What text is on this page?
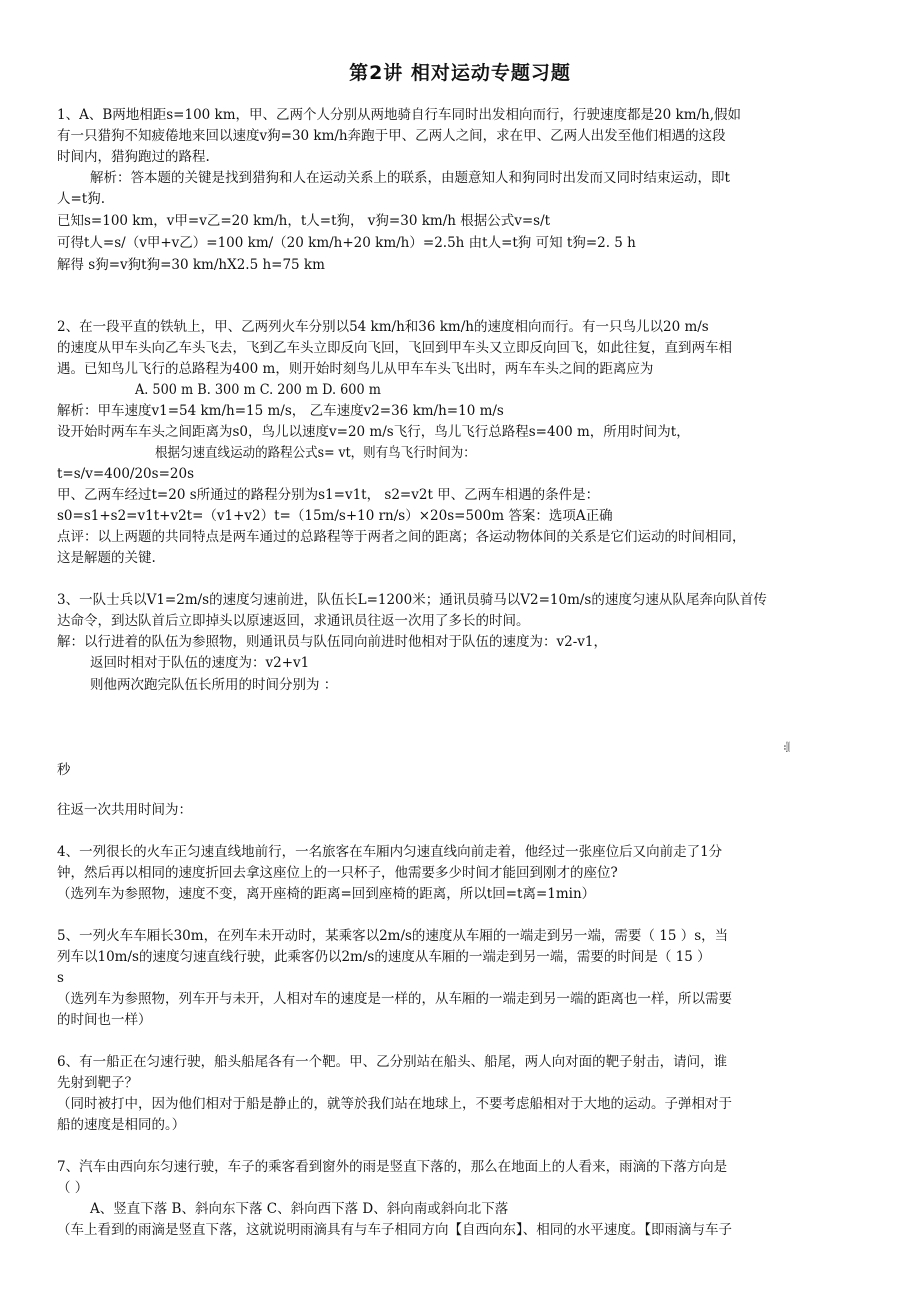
第2讲 相对运动专题习题
1、A、B两地相距s=100 km，甲、乙两个人分别从两地骑自行车同时出发相向而行，行驶速度都是20 km/h,假如
有一只猎狗不知疲倦地来回以速度v狗=30 km/h奔跑于甲、乙两人之间，求在甲、乙两人出发至他们相遇的这段
时间内，猎狗跑过的路程.
解析：答本题的关键是找到猎狗和人在运动关系上的联系，由题意知人和狗同时出发而又同时结束运动，即t
人=t狗.
已知s=100 km，v甲=v乙=20 km/h，t人=t狗， v狗=30 km/h 根据公式v=s/t
可得t人=s/（v甲+v乙）=100 km/（20 km/h+20 km/h）=2.5h 由t人=t狗 可知 t狗=2. 5 h
解得 s狗=v狗t狗=30 km/hX2.5 h=75 km
2、在一段平直的铁轨上，甲、乙两列火车分别以54 km/h和36 km/h的速度相向而行。有一只鸟儿以20 m/s
的速度从甲车头向乙车头飞去，飞到乙车头立即反向飞回，飞回到甲车头又立即反向回飞，如此往复，直到两车相
遇。已知鸟儿飞行的总路程为400 m，则开始时刻鸟儿从甲车车头飞出时，两车车头之间的距离应为
A. 500 m B. 300 m C. 200 m D. 600 m
解析：甲车速度v1=54 km/h=15 m/s， 乙车速度v2=36 km/h=10 m/s
设开始时两车车头之间距离为s0，鸟儿以速度v=20 m/s飞行，鸟儿飞行总路程s=400 m，所用时间为t，
根据匀速直线运动的路程公式s= vt，则有鸟飞行时间为：
t=s/v=400/20s=20s
甲、乙两车经过t=20 s所通过的路程分别为s1=v1t， s2=v2t 甲、乙两车相遇的条件是：
s0=s1+s2=v1t+v2t=（v1+v2）t=（15m/s+10 rn/s）×20s=500m 答案：选项A正确
点评：以上两题的共同特点是两车通过的总路程等于两者之间的距离；各运动物体间的关系是它们运动的时间相同，
这是解题的关键.
3、一队士兵以V1=2m/s的速度匀速前进，队伍长L=1200米；通讯员骑马以V2=10m/s的速度匀速从队尾奔向队首传
达命令，到达队首后立即掉头以原速返回，求通讯员往返一次用了多长的时间。
解：以行进着的队伍为参照物，则通讯员与队伍同向前进时他相对于队伍的速度为：v2-v1，
返回时相对于队伍的速度为：v2+v1
则他两次跑完队伍长所用的时间分别为 ：
=100
秒
往返一次共用时间为：
4、一列很长的火车正匀速直线地前行，一名旅客在车厢内匀速直线向前走着，他经过一张座位后又向前走了1分
钟，然后再以相同的速度折回去拿这座位上的一只杯子，他需要多少时间才能回到刚才的座位?
（选列车为参照物，速度不变，离开座椅的距离=回到座椅的距离，所以t回=t离=1min）
5、一列火车车厢长30m，在列车未开动时，某乘客以2m/s的速度从车厢的一端走到另一端，需要（ 15 ）s，当
列车以10m/s的速度匀速直线行驶，此乘客仍以2m/s的速度从车厢的一端走到另一端，需要的时间是（ 15 ）
s
（选列车为参照物，列车开与未开，人相对车的速度是一样的，从车厢的一端走到另一端的距离也一样，所以需要
的时间也一样）
6、有一船正在匀速行驶，船头船尾各有一个靶。甲、乙分别站在船头、船尾，两人向对面的靶子射击，请问，谁
先射到靶子？
（同时被打中，因为他们相对于船是静止的，就等於我们站在地球上，不要考虑船相对于大地的运动。子弹相对于
船的速度是相同的。）
7、汽车由西向东匀速行驶，车子的乘客看到窗外的雨是竖直下落的，那么在地面上的人看来，雨滴的下落方向是
（ ）
A、竖直下落 B、斜向东下落 C、斜向西下落 D、斜向南或斜向北下落
（车上看到的雨滴是竖直下落，这就说明雨滴具有与车子相同方向【自西向东】、相同的水平速度。【即雨滴与车子
